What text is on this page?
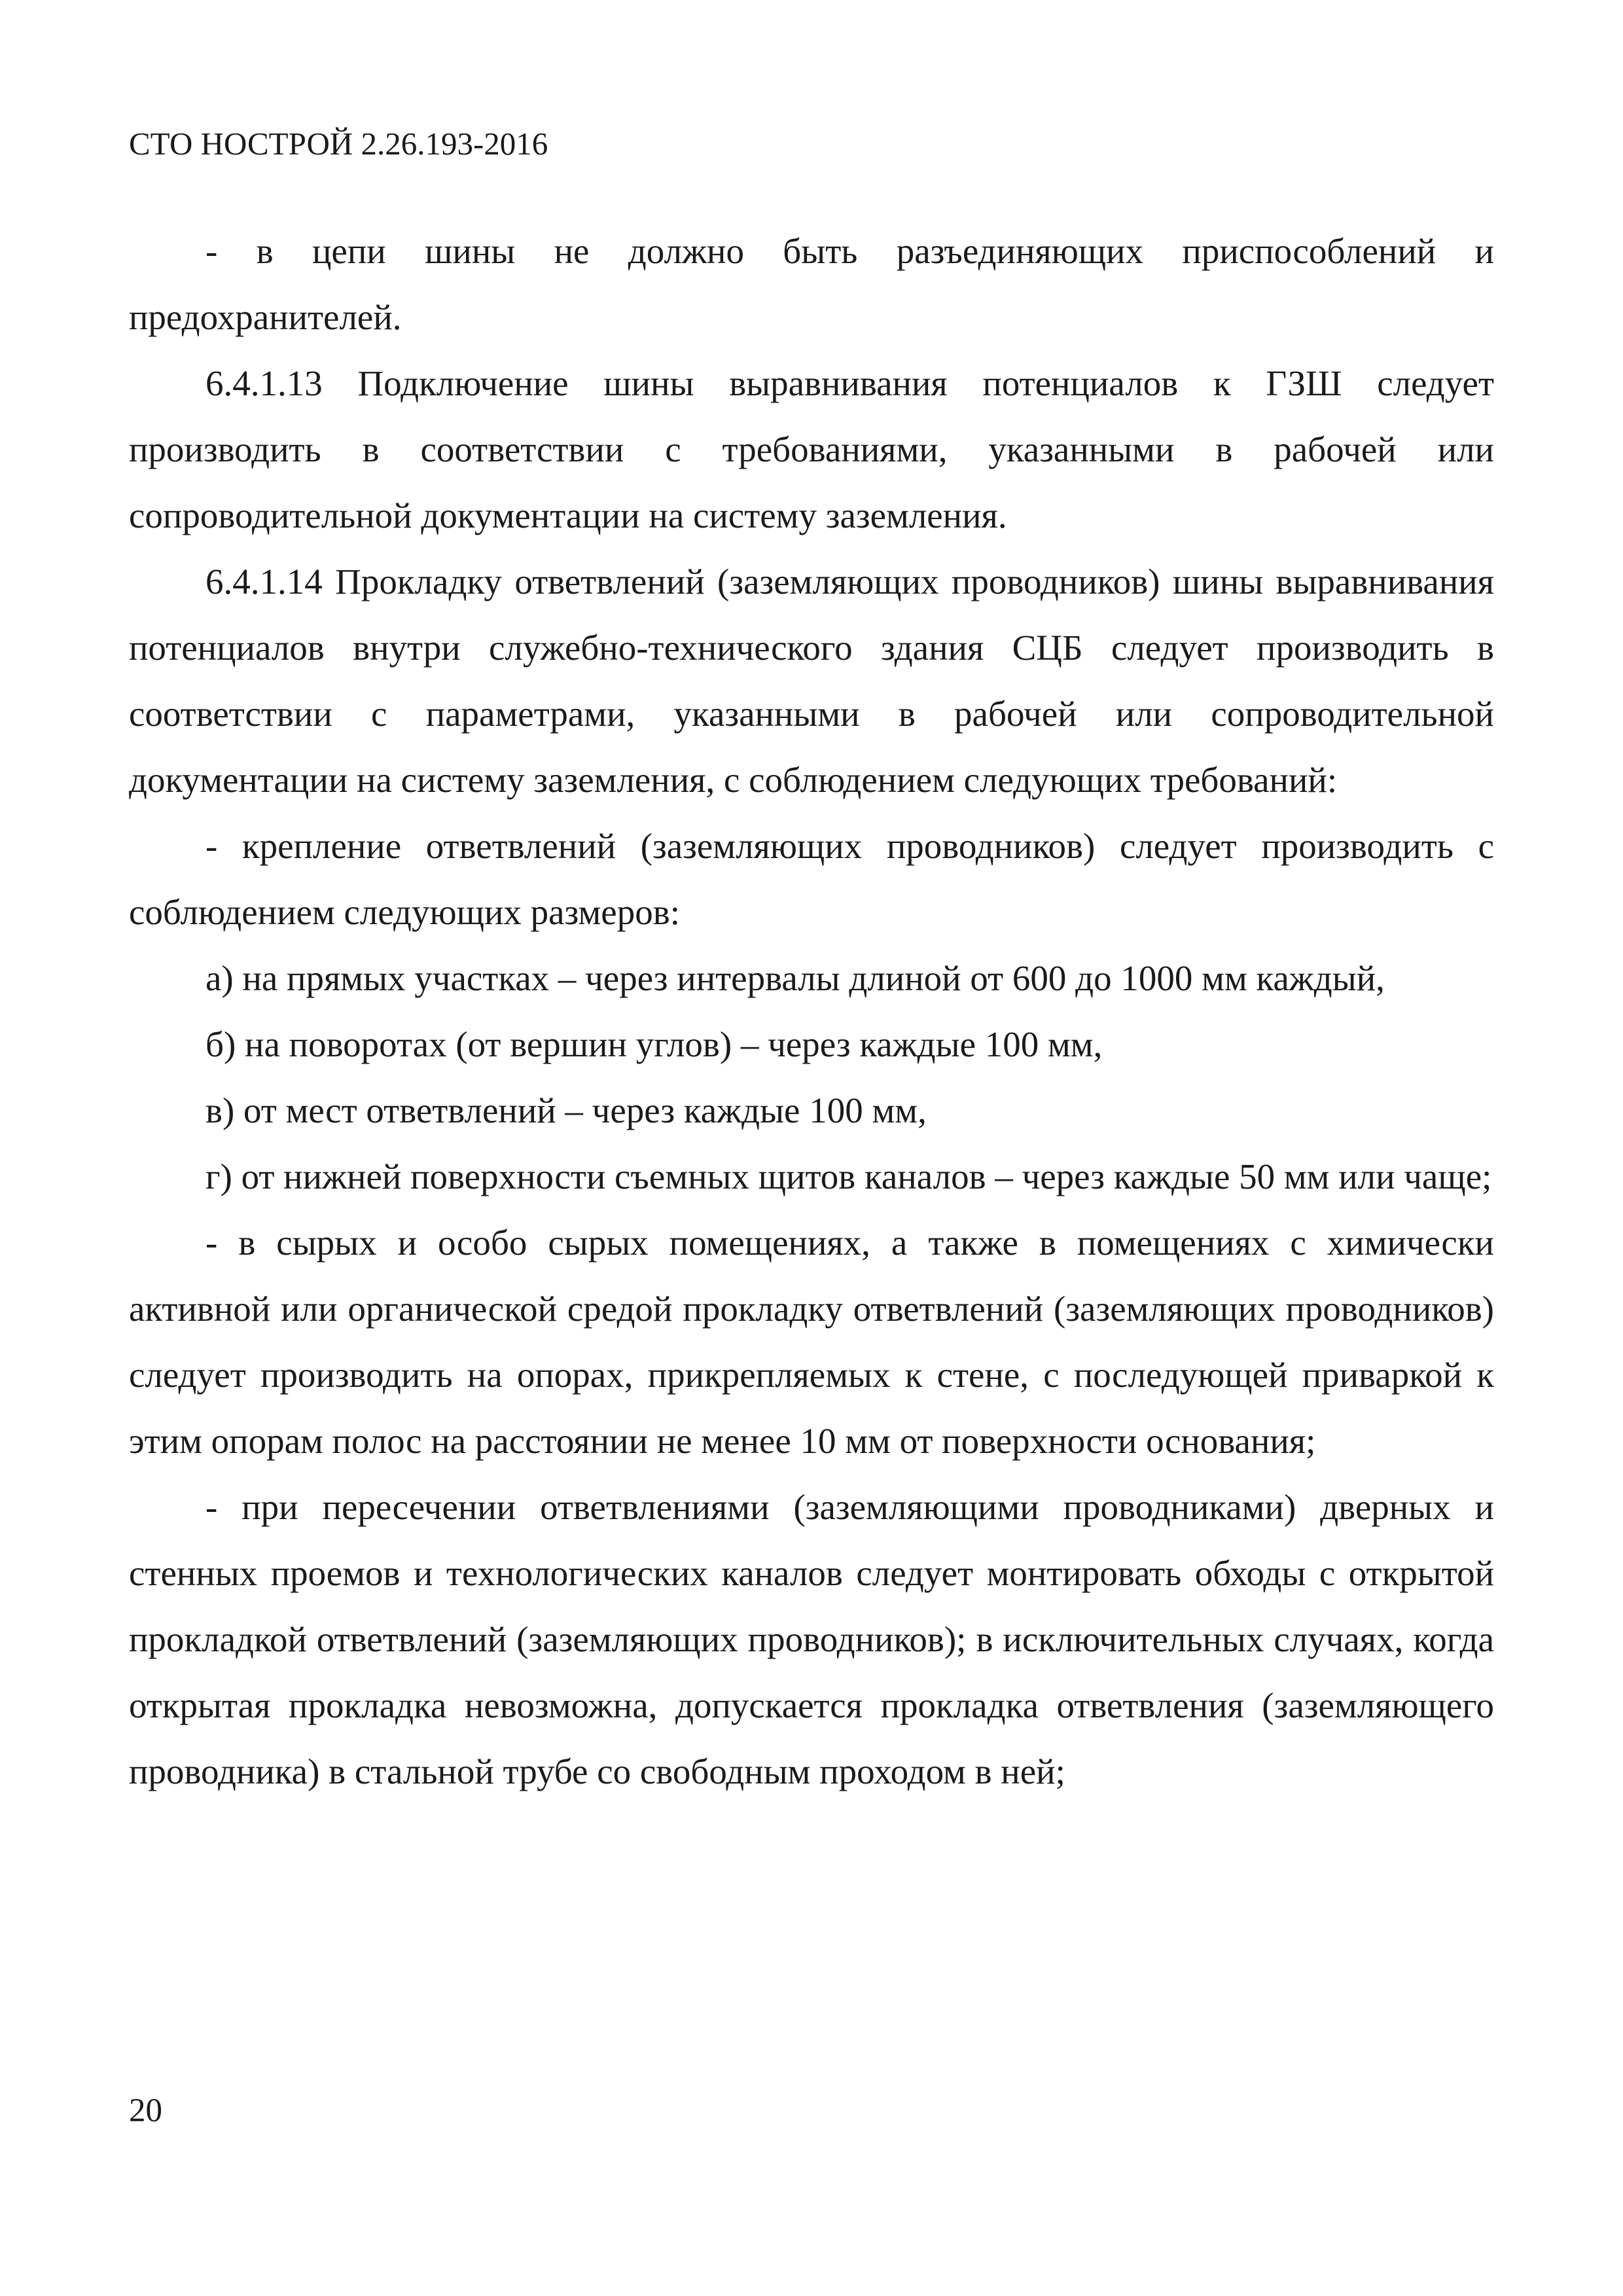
СТО НОСТРОЙ 2.26.193-2016

- в цепи шины не должно быть разъединяющих приспособлений и предохранителей.

6.4.1.13 Подключение шины выравнивания потенциалов к ГЗШ следует производить в соответствии с требованиями, указанными в рабочей или сопроводительной документации на систему заземления.

6.4.1.14 Прокладку ответвлений (заземляющих проводников) шины выравнивания потенциалов внутри служебно-технического здания СЦБ следует производить в соответствии с параметрами, указанными в рабочей или сопроводительной документации на систему заземления, с соблюдением следующих требований:

- крепление ответвлений (заземляющих проводников) следует производить с соблюдением следующих размеров:

а) на прямых участках – через интервалы длиной от 600 до 1000 мм каждый,

б) на поворотах (от вершин углов) – через каждые 100 мм,

в) от мест ответвлений – через каждые 100 мм,

г) от нижней поверхности съемных щитов каналов – через каждые 50 мм или чаще;

- в сырых и особо сырых помещениях, а также в помещениях с химически активной или органической средой прокладку ответвлений (заземляющих проводников) следует производить на опорах, прикрепляемых к стене, с последующей приваркой к этим опорам полос на расстоянии не менее 10 мм от поверхности основания;

- при пересечении ответвлениями (заземляющими проводниками) дверных и стенных проемов и технологических каналов следует монтировать обходы с открытой прокладкой ответвлений (заземляющих проводников); в исключительных случаях, когда открытая прокладка невозможна, допускается прокладка ответвления (заземляющего проводника) в стальной трубе со свободным проходом в ней;

20
